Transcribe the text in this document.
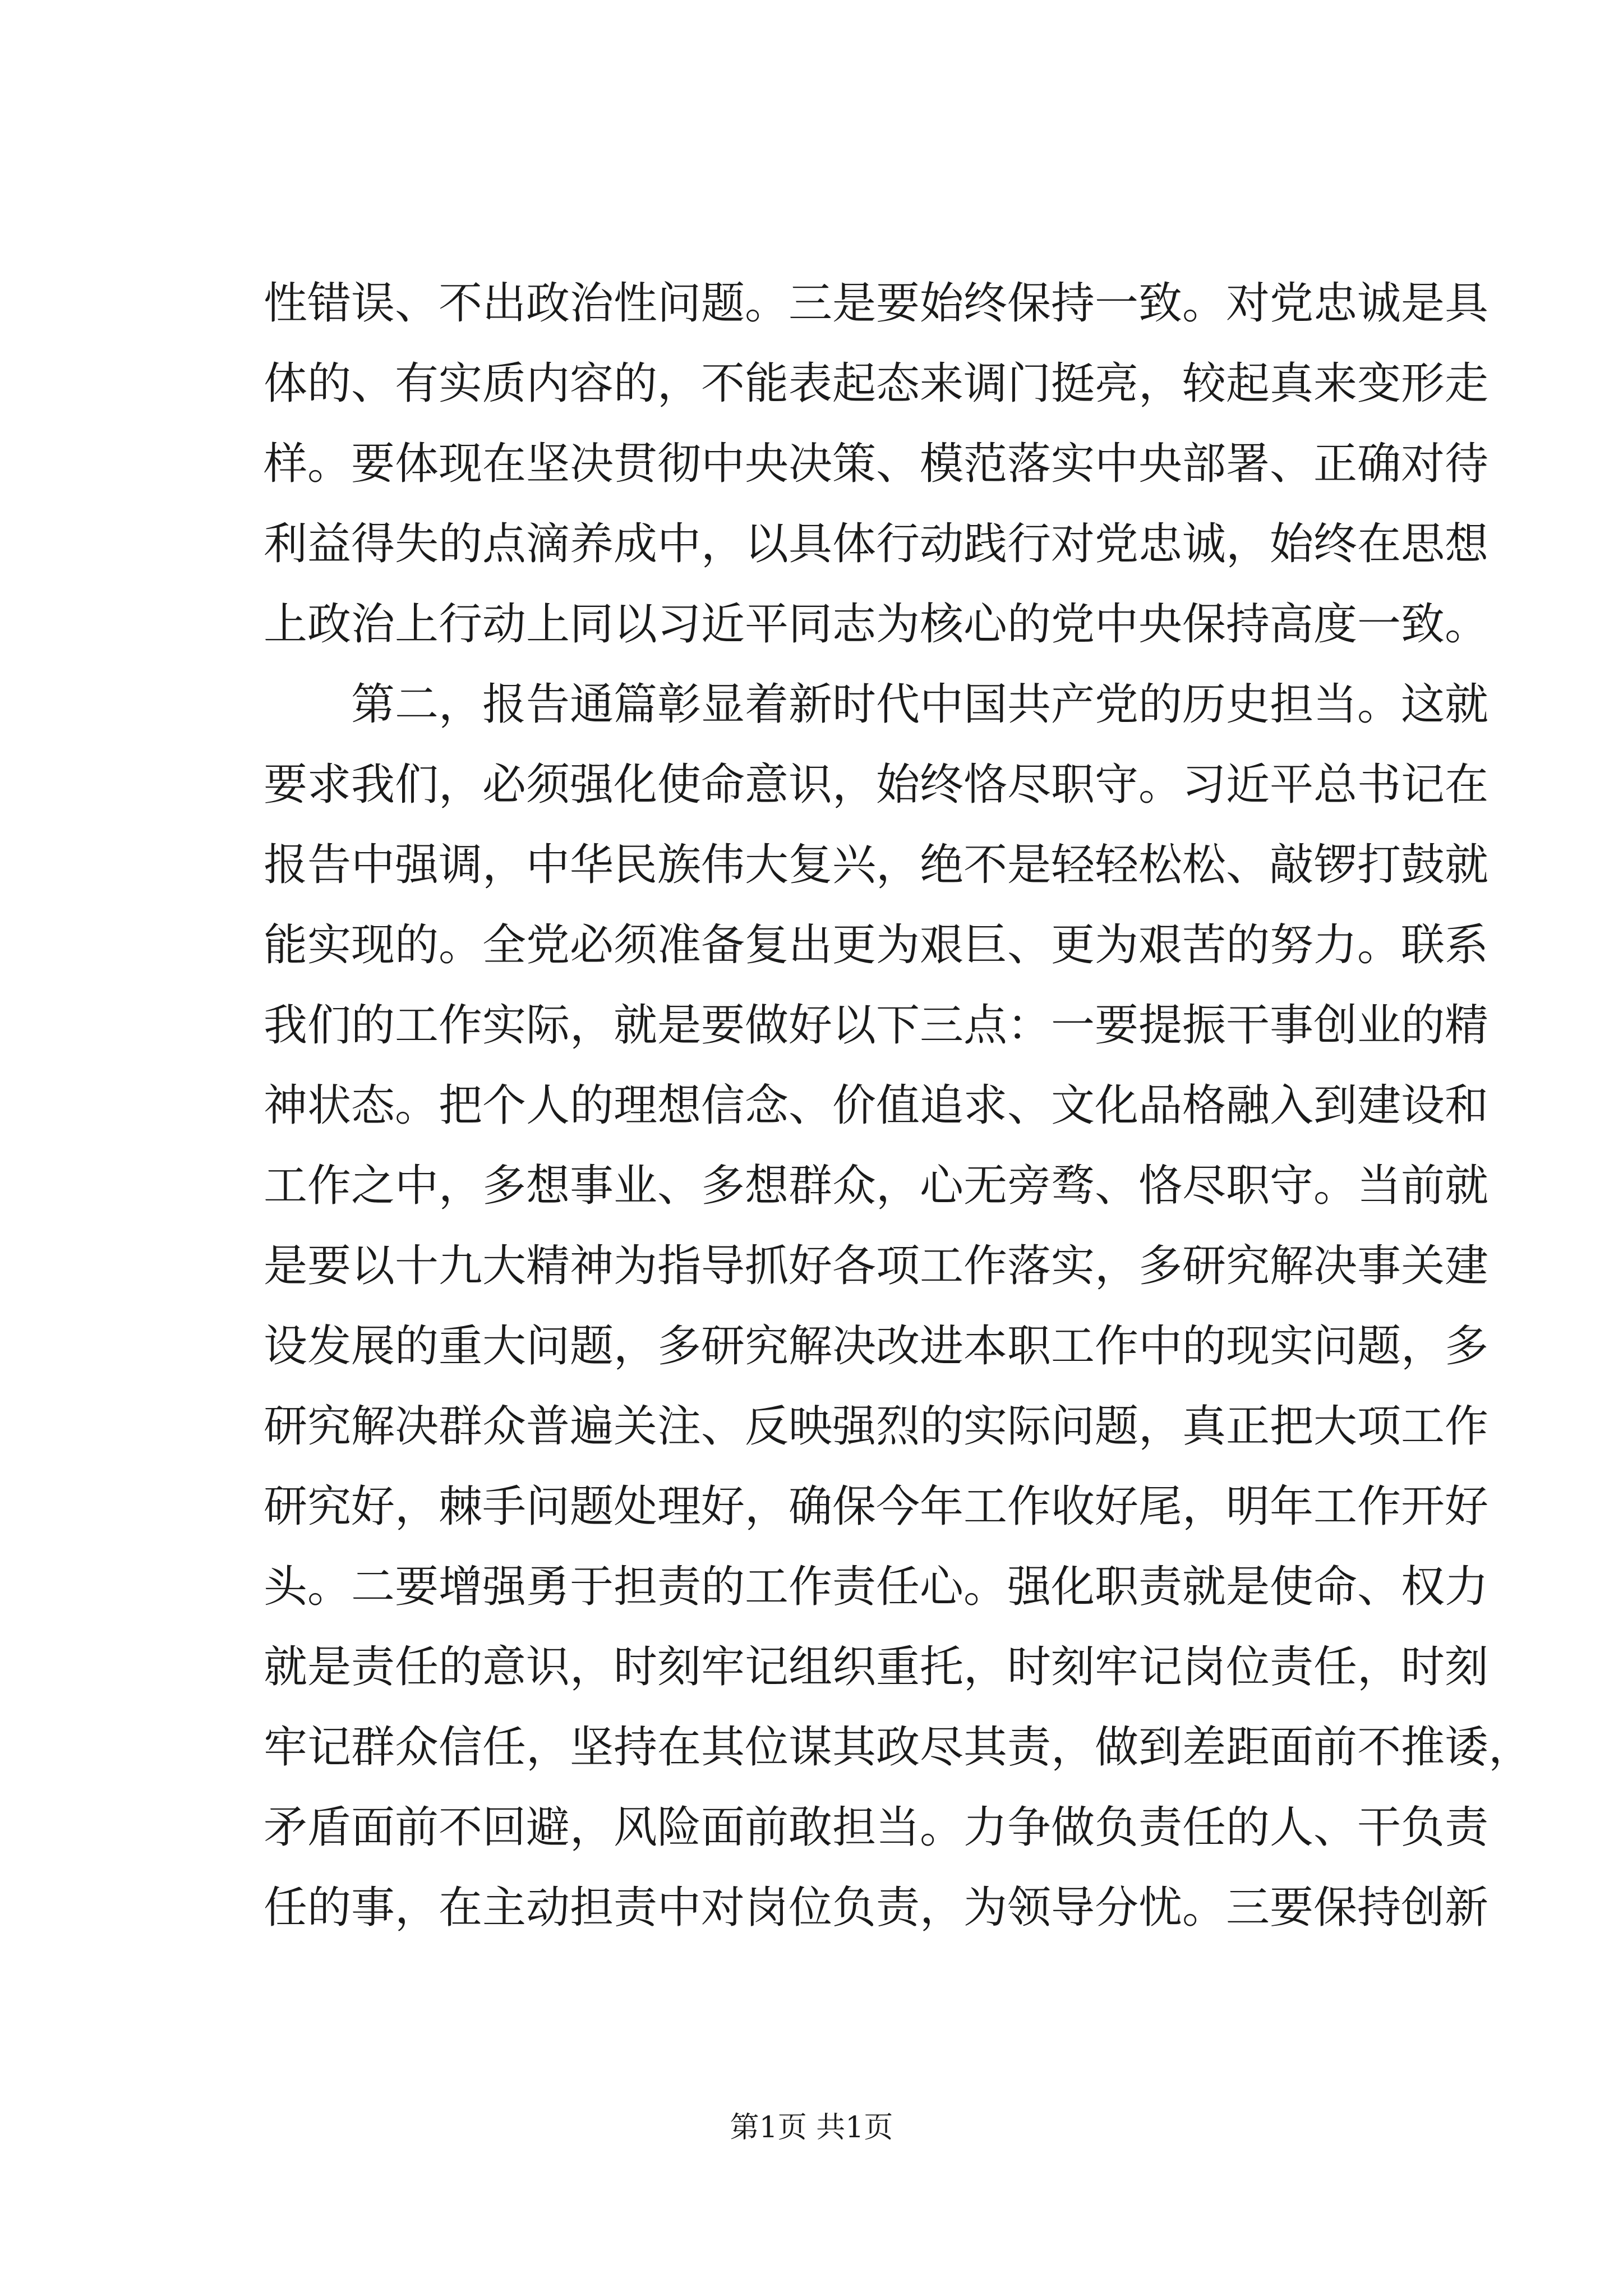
性错误、不出政治性问题。三是要始终保持一致。对党忠诚是具
体的、有实质内容的，不能表起态来调门挺亮，较起真来变形走
样。要体现在坚决贯彻中央决策、模范落实中央部署、正确对待
利益得失的点滴养成中，以具体行动践行对党忠诚，始终在思想
上政治上行动上同以习近平同志为核心的党中央保持高度一致。
第二，报告通篇彰显着新时代中国共产党的历史担当。这就
要求我们，必须强化使命意识，始终恪尽职守。习近平总书记在
报告中强调，中华民族伟大复兴，绝不是轻轻松松、敲锣打鼓就
能实现的。全党必须准备复出更为艰巨、更为艰苦的努力。联系
我们的工作实际，就是要做好以下三点：一要提振干事创业的精
神状态。把个人的理想信念、价值追求、文化品格融入到建设和
工作之中，多想事业、多想群众，心无旁骛、恪尽职守。当前就
是要以十九大精神为指导抓好各项工作落实，多研究解决事关建
设发展的重大问题，多研究解决改进本职工作中的现实问题，多
研究解决群众普遍关注、反映强烈的实际问题，真正把大项工作
研究好，棘手问题处理好，确保今年工作收好尾，明年工作开好
头。二要增强勇于担责的工作责任心。强化职责就是使命、权力
就是责任的意识，时刻牢记组织重托，时刻牢记岗位责任，时刻
牢记群众信任，坚持在其位谋其政尽其责，做到差距面前不推诿，
矛盾面前不回避，风险面前敢担当。力争做负责任的人、干负责
任的事，在主动担责中对岗位负责，为领导分忧。三要保持创新
第1页 共1页
